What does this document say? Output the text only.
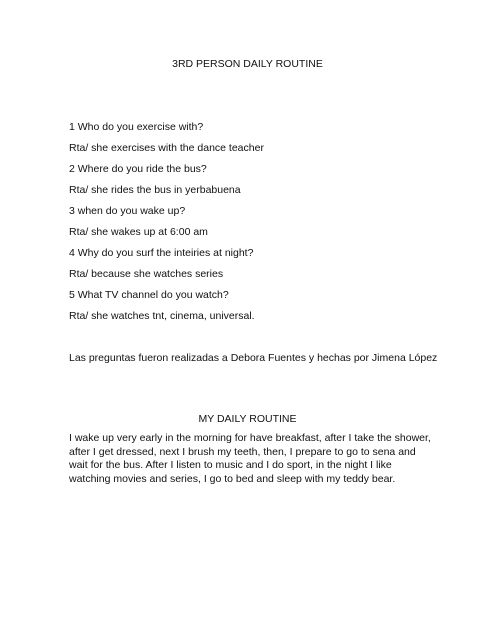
3RD PERSON DAILY ROUTINE
1 Who do you exercise with?
Rta/ she exercises with the dance teacher
2 Where do you ride the bus?
Rta/ she rides the bus in yerbabuena
3 when do you wake up?
Rta/ she wakes up at 6:00 am
4 Why do you surf the inteiries at night?
Rta/ because she watches series
5 What TV channel do you watch?
Rta/ she watches tnt, cinema, universal.
Las preguntas fueron realizadas a Debora Fuentes y hechas por Jimena López
MY DAILY ROUTINE
I wake up very early in the morning for have breakfast, after I take the shower, after I get dressed, next I brush my teeth, then, I prepare to go to sena and wait for the bus. After I listen to music and I do sport, in the night I like watching movies and series, I go to bed and sleep with my teddy bear.
